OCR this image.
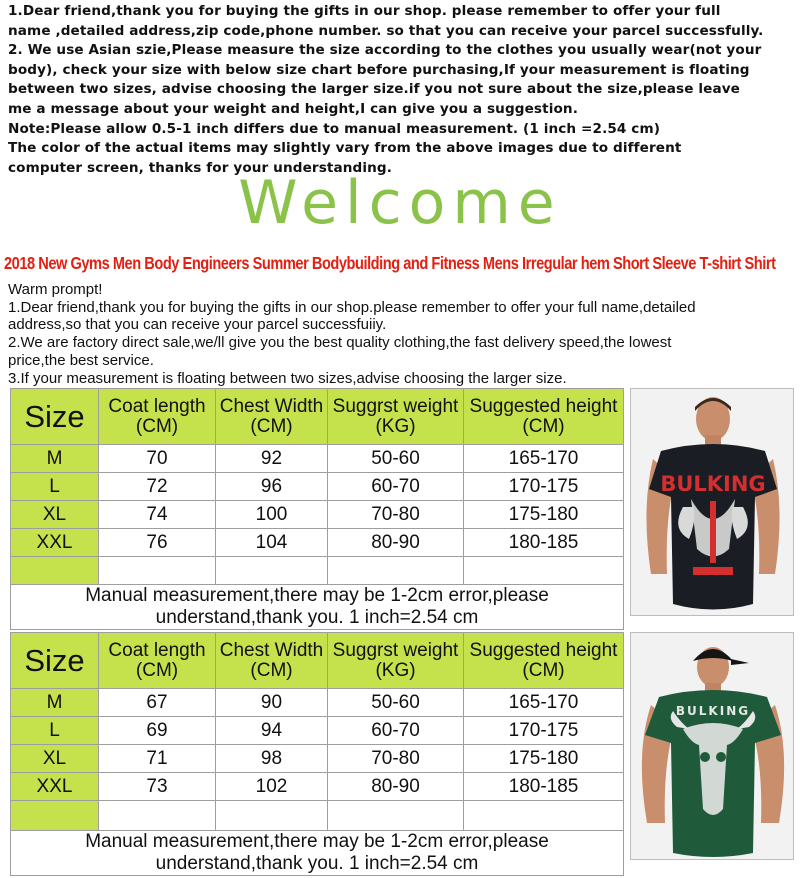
1.Dear friend,thank you for buying the gifts in our shop. please remember to offer your full
name ,detailed address,zip code,phone number. so that you can receive your parcel successfully.
2. We use Asian szie,Please measure the size according to the clothes you usually wear(not your
body), check your size with below size chart before purchasing,If your measurement is floating
between two sizes, advise choosing the larger size.if you not sure about the size,please leave
me a message about your weight and height,I can give you a suggestion.
Note:Please allow 0.5-1 inch differs due to manual measurement. (1 inch =2.54 cm)
The color of the actual items may slightly vary from the above images due to different
computer screen, thanks for your understanding.
Welcome
2018 New Gyms Men Body Engineers Summer Bodybuilding and Fitness Mens Irregular hem Short Sleeve T-shirt Shirt
Warm prompt!
1.Dear friend,thank you for buying the gifts in our shop.please remember to offer your full name,detailed
address,so that you can receive your parcel successfuiiy.
2.We are factory direct sale,we/ll give you the best quality clothing,the fast delivery speed,the lowest
price,the best service.
3.If your measurement is floating between two sizes,advise choosing the larger size.
Size	Coat length
(CM)	Chest Width
(CM)	Suggrst weight
(KG)	Suggested height
(CM)
M	70	92	50-60	165-170
L	72	96	60-70	170-175
XL	74	100	70-80	175-180
XXL	76	104	80-90	180-185

Manual measurement,there may be 1-2cm error,please understand,thank you. 1 inch=2.54 cm				
BULKING
Size	Coat length
(CM)	Chest Width
(CM)	Suggrst weight
(KG)	Suggested height
(CM)
M	67	90	50-60	165-170
L	69	94	60-70	170-175
XL	71	98	70-80	175-180
XXL	73	102	80-90	180-185

Manual measurement,there may be 1-2cm error,please understand,thank you. 1 inch=2.54 cm				
BULKING
